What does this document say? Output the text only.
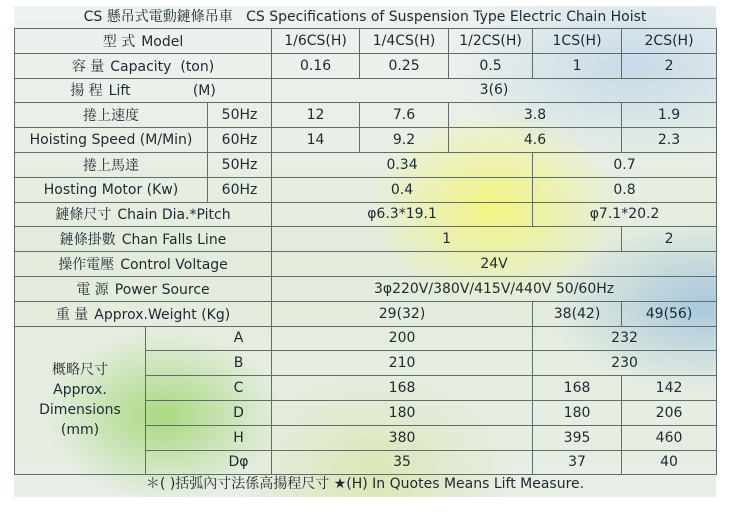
CS 懸吊式電動鏈條吊車 CS Specifications of Suspension Type Electric Chain Hoist
型 式 Model			1/6CS(H)	1/4CS(H)	1/2CS(H)	1CS(H)	2CS(H)
容 量 Capacity (ton)			0.16	0.25	0.5	1	2
揚 程 Lift (M)			3(6)				
捲上速度		50Hz	12	7.6	3.8		1.9
Hoisting Speed (M/Min)		60Hz	14	9.2	4.6		2.3
捲上馬達		50Hz	0.34			0.7	
Hosting Motor (Kw)		60Hz	0.4			0.8	
鏈條尺寸 Chain Dia.*Pitch			φ6.3*19.1			φ7.1*20.2	
鏈條掛數 Chan Falls Line			1				2
操作電壓 Control Voltage			24V				
電 源 Power Source			3φ220V/380V/415V/440V 50/60Hz				
重 量 Approx.Weight (Kg)			29(32)			38(42)	49(56)

概略尺寸
Approx.
Dimensions
(mm)	A		200			232	
	B		210			230	
	C		168			168	142
	D		180			180	206
	H		380			395	460
	Dφ		35			37	40
＊( )括弧內寸法係高揚程尺寸 ★(H) In Quotes Means Lift Measure.
